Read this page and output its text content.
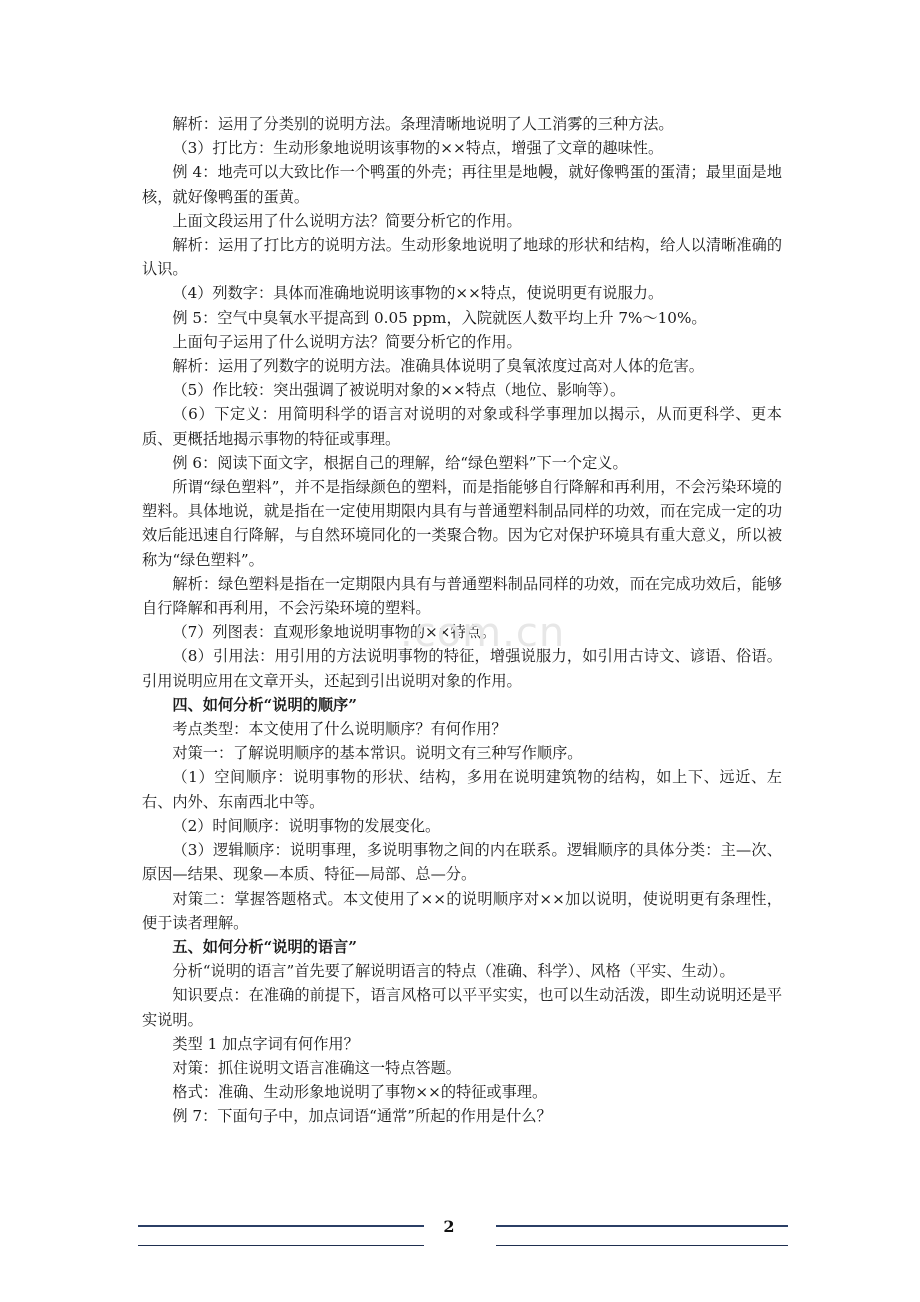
解析：运用了分类别的说明方法。条理清晰地说明了人工消雾的三种方法。

（3）打比方：生动形象地说明该事物的××特点，增强了文章的趣味性。

例 4：地壳可以大致比作一个鸭蛋的外壳；再往里是地幔，就好像鸭蛋的蛋清；最里面是地核，就好像鸭蛋的蛋黄。

上面文段运用了什么说明方法？简要分析它的作用。

解析：运用了打比方的说明方法。生动形象地说明了地球的形状和结构，给人以清晰准确的认识。

（4）列数字：具体而准确地说明该事物的××特点，使说明更有说服力。

例 5：空气中臭氧水平提高到 0.05 ppm，入院就医人数平均上升 7%～10%。

上面句子运用了什么说明方法？简要分析它的作用。

解析：运用了列数字的说明方法。准确具体说明了臭氧浓度过高对人体的危害。

（5）作比较：突出强调了被说明对象的××特点（地位、影响等）。

（6）下定义：用简明科学的语言对说明的对象或科学事理加以揭示，从而更科学、更本质、更概括地揭示事物的特征或事理。

例 6：阅读下面文字，根据自己的理解，给“绿色塑料”下一个定义。

所谓“绿色塑料”，并不是指绿颜色的塑料，而是指能够自行降解和再利用，不会污染环境的塑料。具体地说，就是指在一定使用期限内具有与普通塑料制品同样的功效，而在完成一定的功效后能迅速自行降解，与自然环境同化的一类聚合物。因为它对保护环境具有重大意义，所以被称为“绿色塑料”。

解析：绿色塑料是指在一定期限内具有与普通塑料制品同样的功效，而在完成功效后，能够自行降解和再利用，不会污染环境的塑料。

（7）列图表：直观形象地说明事物的××特点。

（8）引用法：用引用的方法说明事物的特征，增强说服力，如引用古诗文、谚语、俗语。引用说明应用在文章开头，还起到引出说明对象的作用。

四、如何分析“说明的顺序”

考点类型：本文使用了什么说明顺序？有何作用？

对策一：了解说明顺序的基本常识。说明文有三种写作顺序。

（1）空间顺序：说明事物的形状、结构，多用在说明建筑物的结构，如上下、远近、左右、内外、东南西北中等。

（2）时间顺序：说明事物的发展变化。

（3）逻辑顺序：说明事理，多说明事物之间的内在联系。逻辑顺序的具体分类：主—次、原因—结果、现象—本质、特征—局部、总—分。

对策二：掌握答题格式。本文使用了××的说明顺序对××加以说明，使说明更有条理性，便于读者理解。

五、如何分析“说明的语言”

分析“说明的语言”首先要了解说明语言的特点（准确、科学）、风格（平实、生动）。

知识要点：在准确的前提下，语言风格可以平平实实，也可以生动活泼，即生动说明还是平实说明。

类型 1 加点字词有何作用？

对策：抓住说明文语言准确这一特点答题。

格式：准确、生动形象地说明了事物××的特征或事理。

例 7：下面句子中，加点词语“通常”所起的作用是什么？

.com.cn
2
